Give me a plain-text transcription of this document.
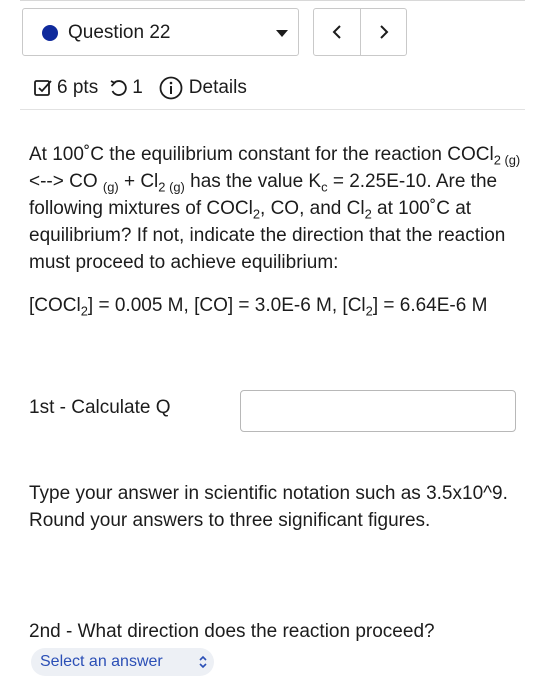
Question 22
6 pts 1 Details
At 100˚C the equilibrium constant for the reaction COCl$_2$ $_{(g)}$ <--> CO $_{(g)} + Cl_2$ $_{(g)}$ has the value $K_c = 2.25E-10$. Are the following mixtures of COCl$_2$, CO, and $Cl_2$ at 100˚C at equilibrium? If not, indicate the direction that the reaction must proceed to achieve equilibrium:
[COCl$_2$] = 0.005 M, [CO] = 3.0E-6 M, $[Cl_2] = 6.64E-6$ M
1st - Calculate Q
Type your answer in scientific notation such as 3.5x10^9. Round your answers to three significant figures.
2nd - What direction does the reaction proceed?
Select an answer
